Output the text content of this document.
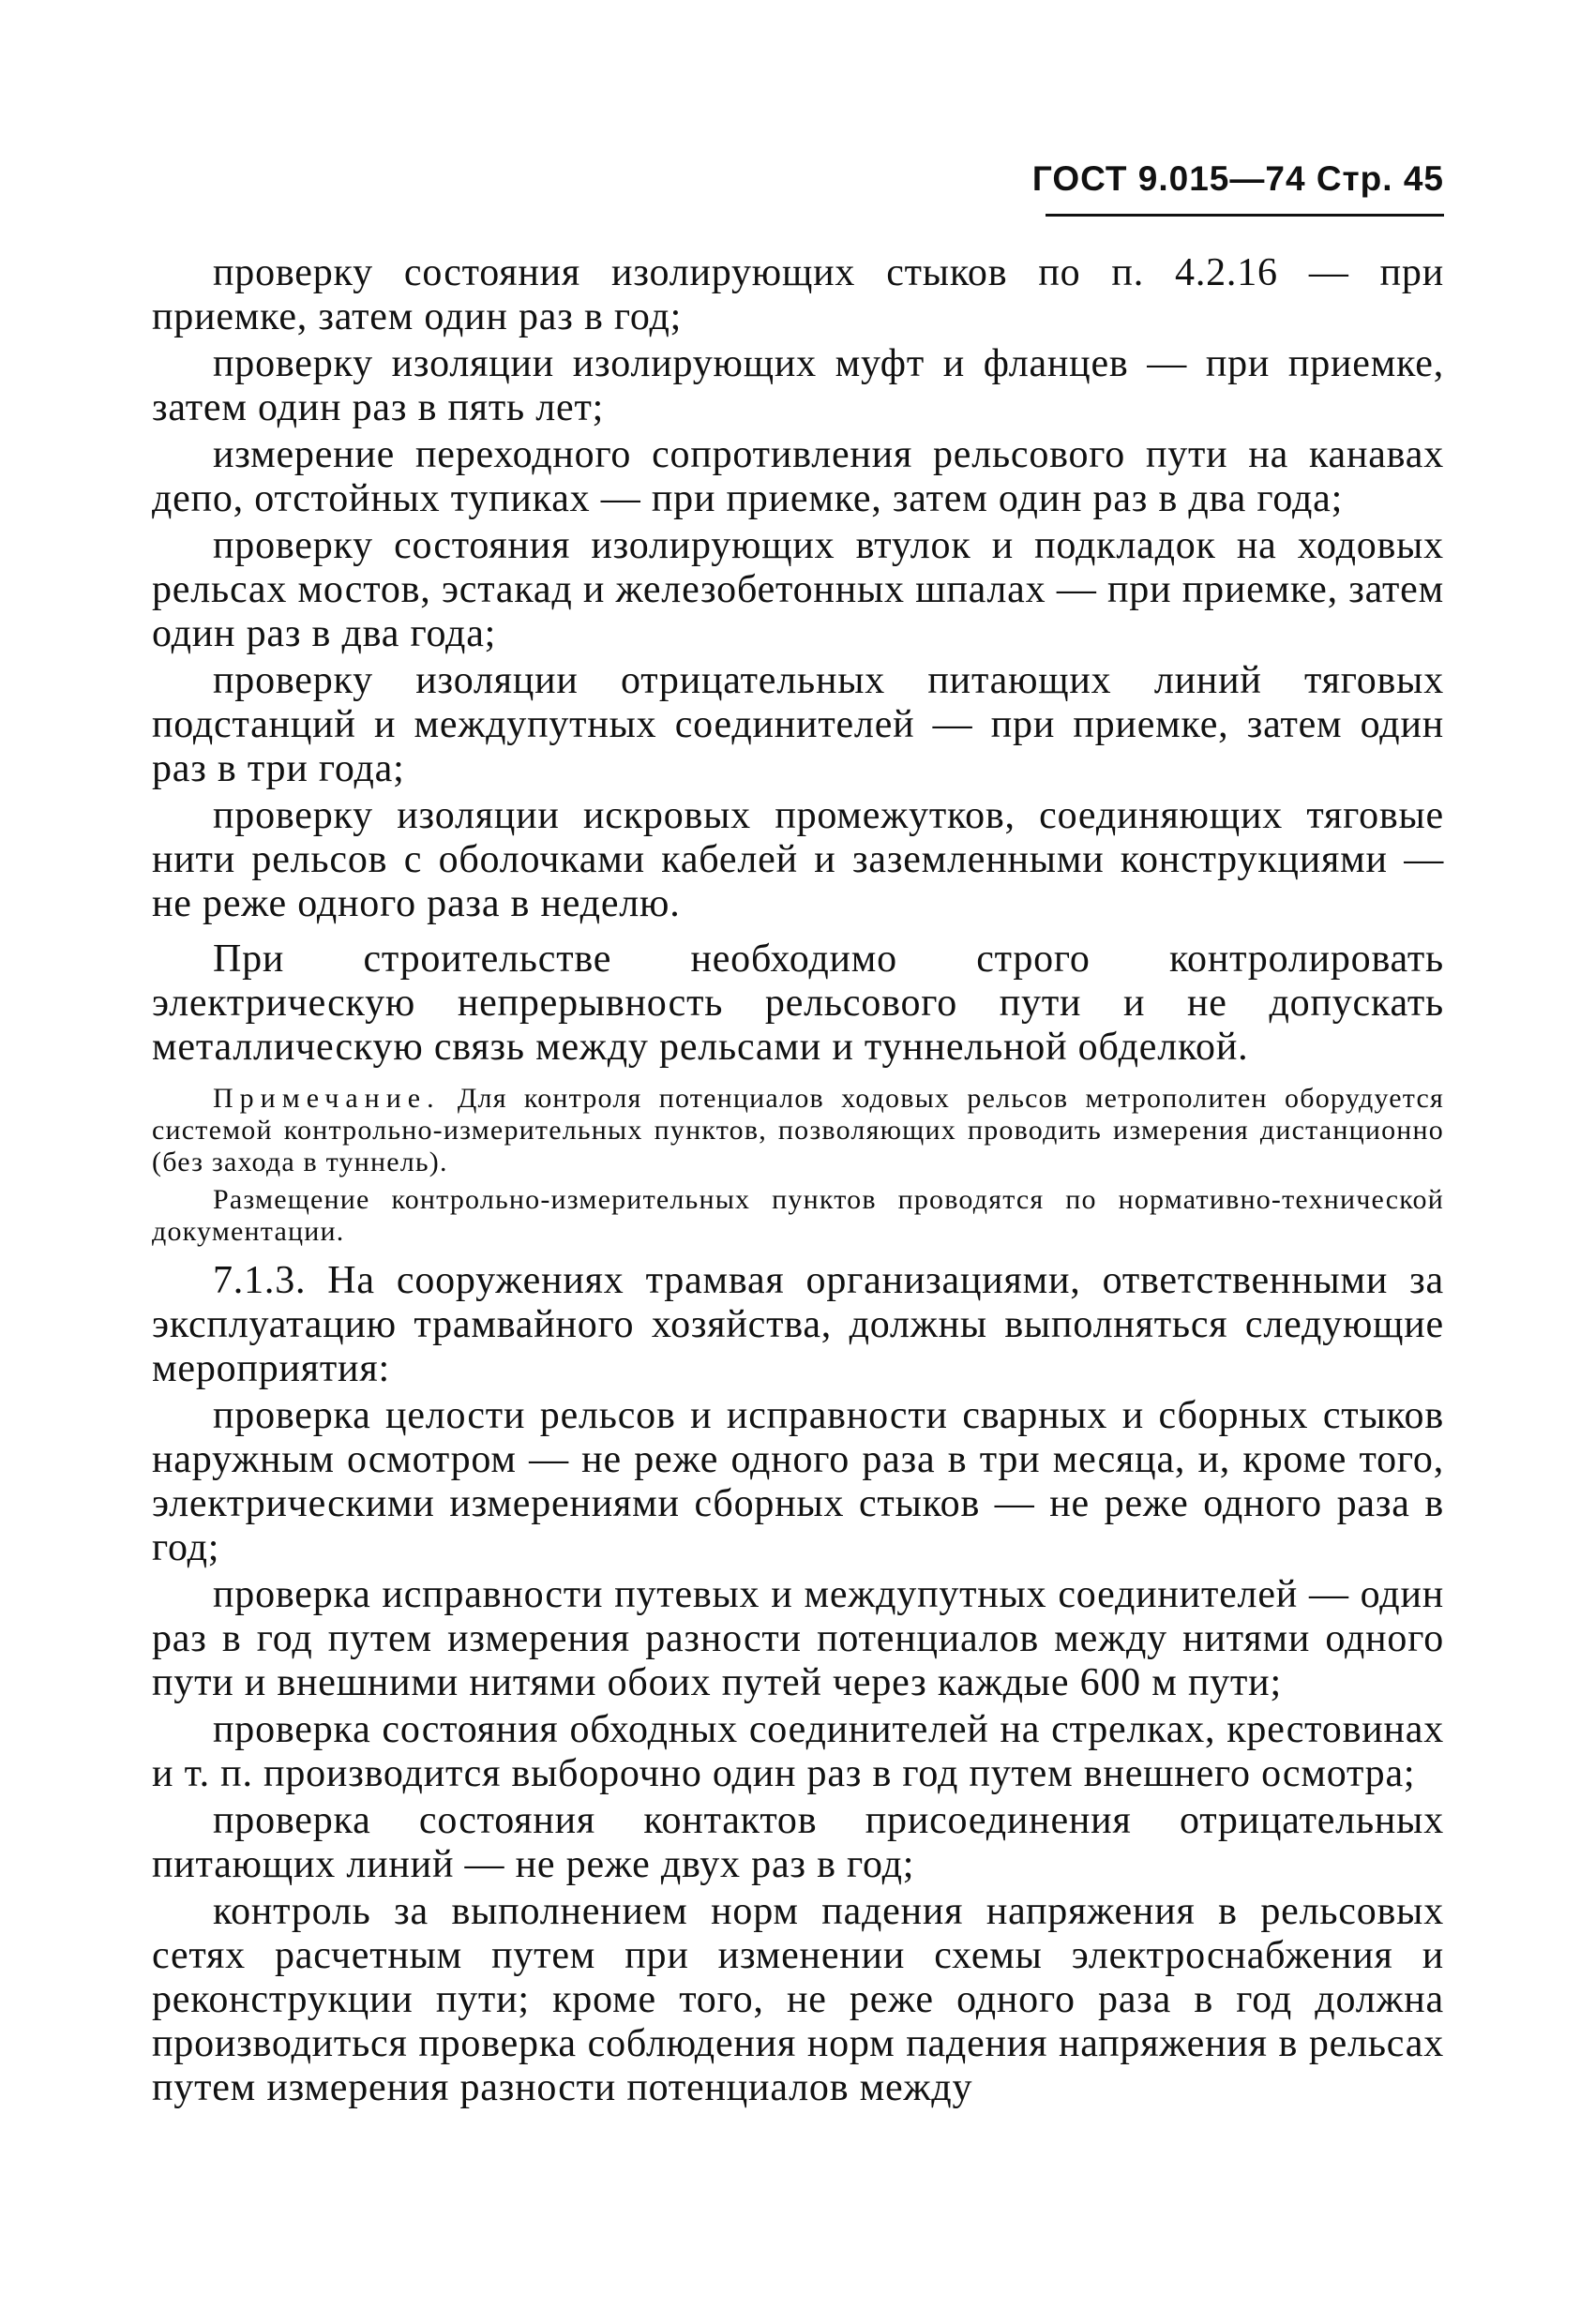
ГОСТ 9.015—74 Стр. 45

проверку состояния изолирующих стыков по п. 4.2.16 — при приемке, затем один раз в год;

проверку изоляции изолирующих муфт и фланцев — при приемке, затем один раз в пять лет;

измерение переходного сопротивления рельсового пути на канавах депо, отстойных тупиках — при приемке, затем один раз в два года;

проверку состояния изолирующих втулок и подкладок на ходовых рельсах мостов, эстакад и железобетонных шпалах — при приемке, затем один раз в два года;

проверку изоляции отрицательных питающих линий тяговых подстанций и междупутных соединителей — при приемке, затем один раз в три года;

проверку изоляции искровых промежутков, соединяющих тяговые нити рельсов с оболочками кабелей и заземленными конструкциями — не реже одного раза в неделю.

При строительстве необходимо строго контролировать электрическую непрерывность рельсового пути и не допускать металлическую связь между рельсами и туннельной обделкой.

Примечание. Для контроля потенциалов ходовых рельсов метрополитен оборудуется системой контрольно-измерительных пунктов, позволяющих проводить измерения дистанционно (без захода в туннель).

Размещение контрольно-измерительных пунктов проводятся по нормативно-технической документации.

7.1.3. На сооружениях трамвая организациями, ответственными за эксплуатацию трамвайного хозяйства, должны выполняться следующие мероприятия:

проверка целости рельсов и исправности сварных и сборных стыков наружным осмотром — не реже одного раза в три месяца, и, кроме того, электрическими измерениями сборных стыков — не реже одного раза в год;

проверка исправности путевых и междупутных соединителей — один раз в год путем измерения разности потенциалов между нитями одного пути и внешними нитями обоих путей через каждые 600 м пути;

проверка состояния обходных соединителей на стрелках, крестовинах и т. п. производится выборочно один раз в год путем внешнего осмотра;

проверка состояния контактов присоединения отрицательных питающих линий — не реже двух раз в год;

контроль за выполнением норм падения напряжения в рельсовых сетях расчетным путем при изменении схемы электроснабжения и реконструкции пути; кроме того, не реже одного раза в год должна производиться проверка соблюдения норм падения напряжения в рельсах путем измерения разности потенциалов между
